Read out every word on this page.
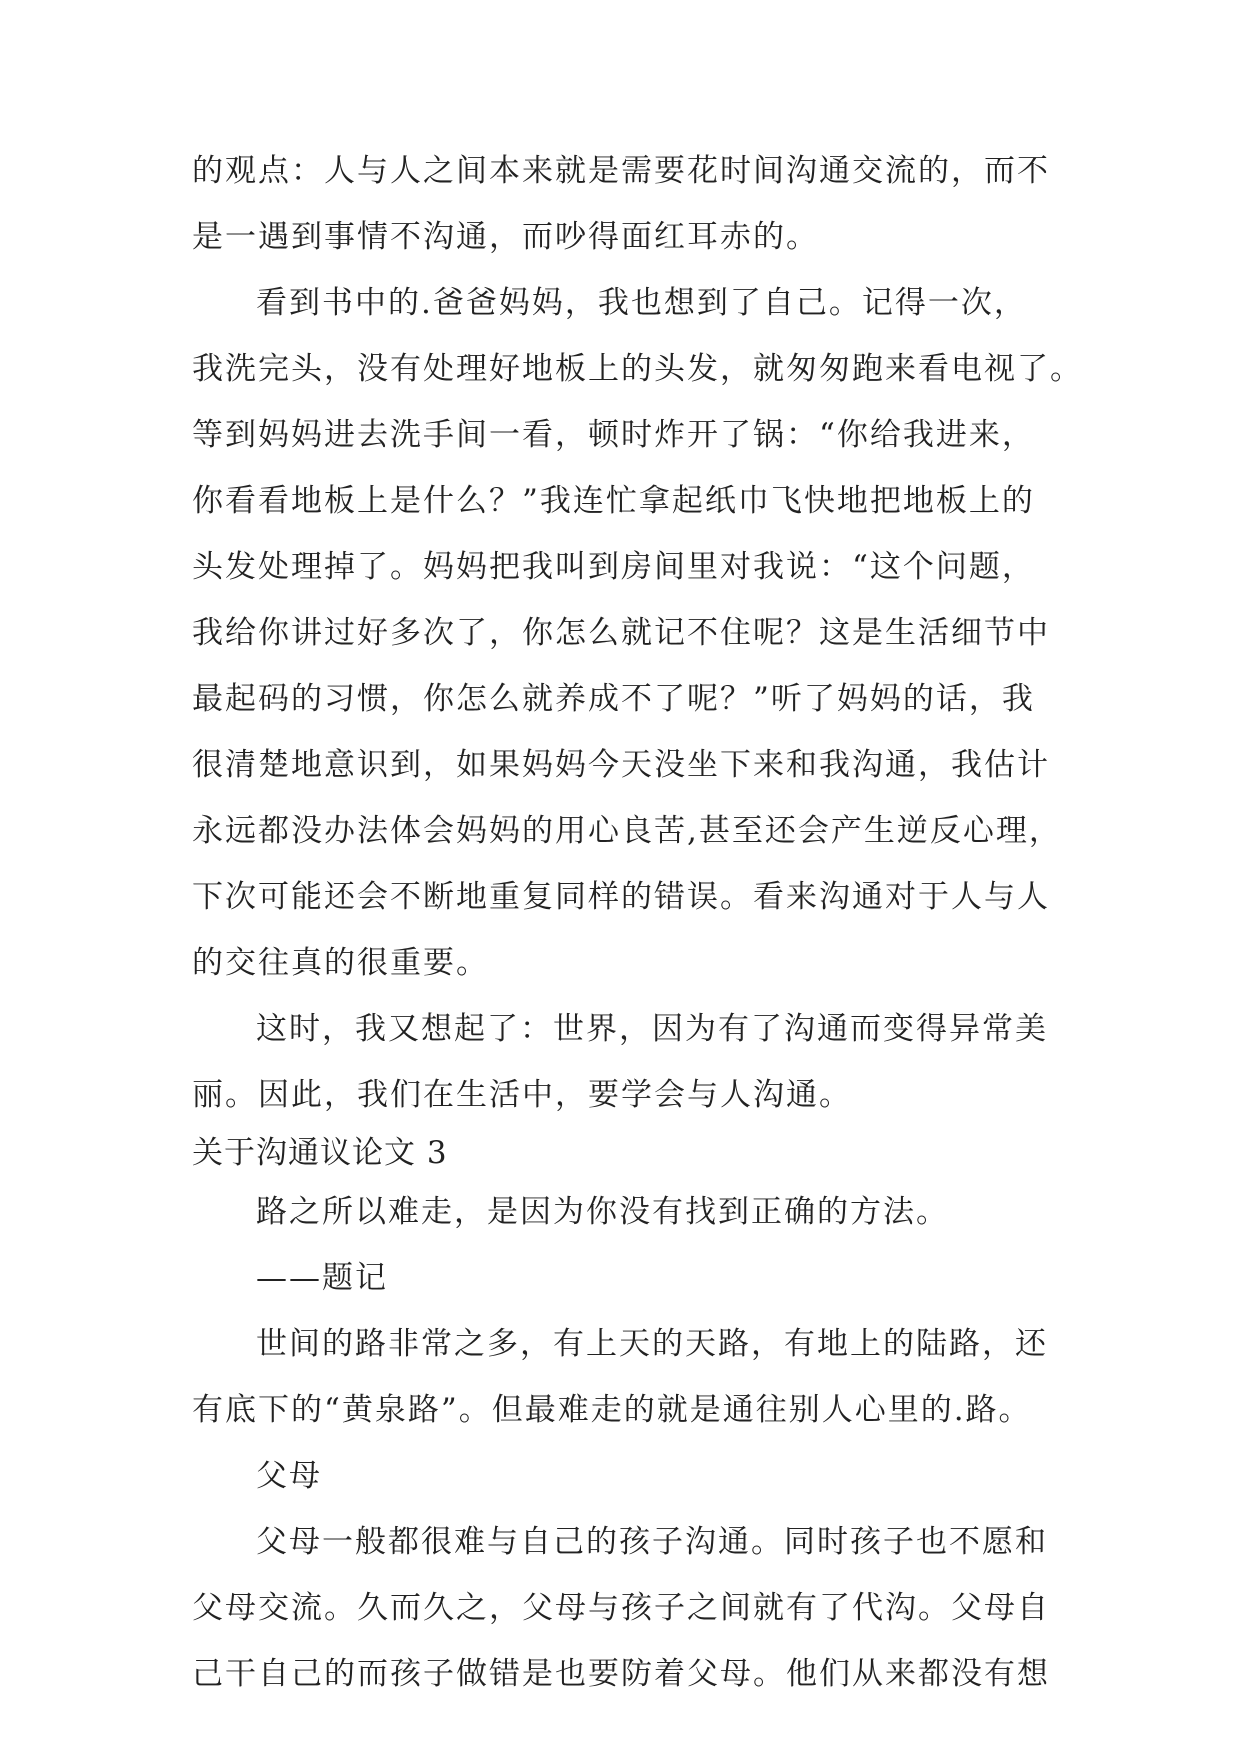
的观点：人与人之间本来就是需要花时间沟通交流的，而不
是一遇到事情不沟通，而吵得面红耳赤的。
看到书中的.爸爸妈妈，我也想到了自己。记得一次，
我洗完头，没有处理好地板上的头发，就匆匆跑来看电视了。
等到妈妈进去洗手间一看，顿时炸开了锅：“你给我进来，
你看看地板上是什么？”我连忙拿起纸巾飞快地把地板上的
头发处理掉了。妈妈把我叫到房间里对我说：“这个问题，
我给你讲过好多次了，你怎么就记不住呢？这是生活细节中
最起码的习惯，你怎么就养成不了呢？”听了妈妈的话，我
很清楚地意识到，如果妈妈今天没坐下来和我沟通，我估计
永远都没办法体会妈妈的用心良苦,甚至还会产生逆反心理，
下次可能还会不断地重复同样的错误。看来沟通对于人与人
的交往真的很重要。
这时，我又想起了：世界，因为有了沟通而变得异常美
丽。因此，我们在生活中，要学会与人沟通。
关于沟通议论文 3
路之所以难走，是因为你没有找到正确的方法。
——题记
世间的路非常之多，有上天的天路，有地上的陆路，还
有底下的“黄泉路”。但最难走的就是通往别人心里的.路。
父母
父母一般都很难与自己的孩子沟通。同时孩子也不愿和
父母交流。久而久之，父母与孩子之间就有了代沟。父母自
己干自己的而孩子做错是也要防着父母。他们从来都没有想
